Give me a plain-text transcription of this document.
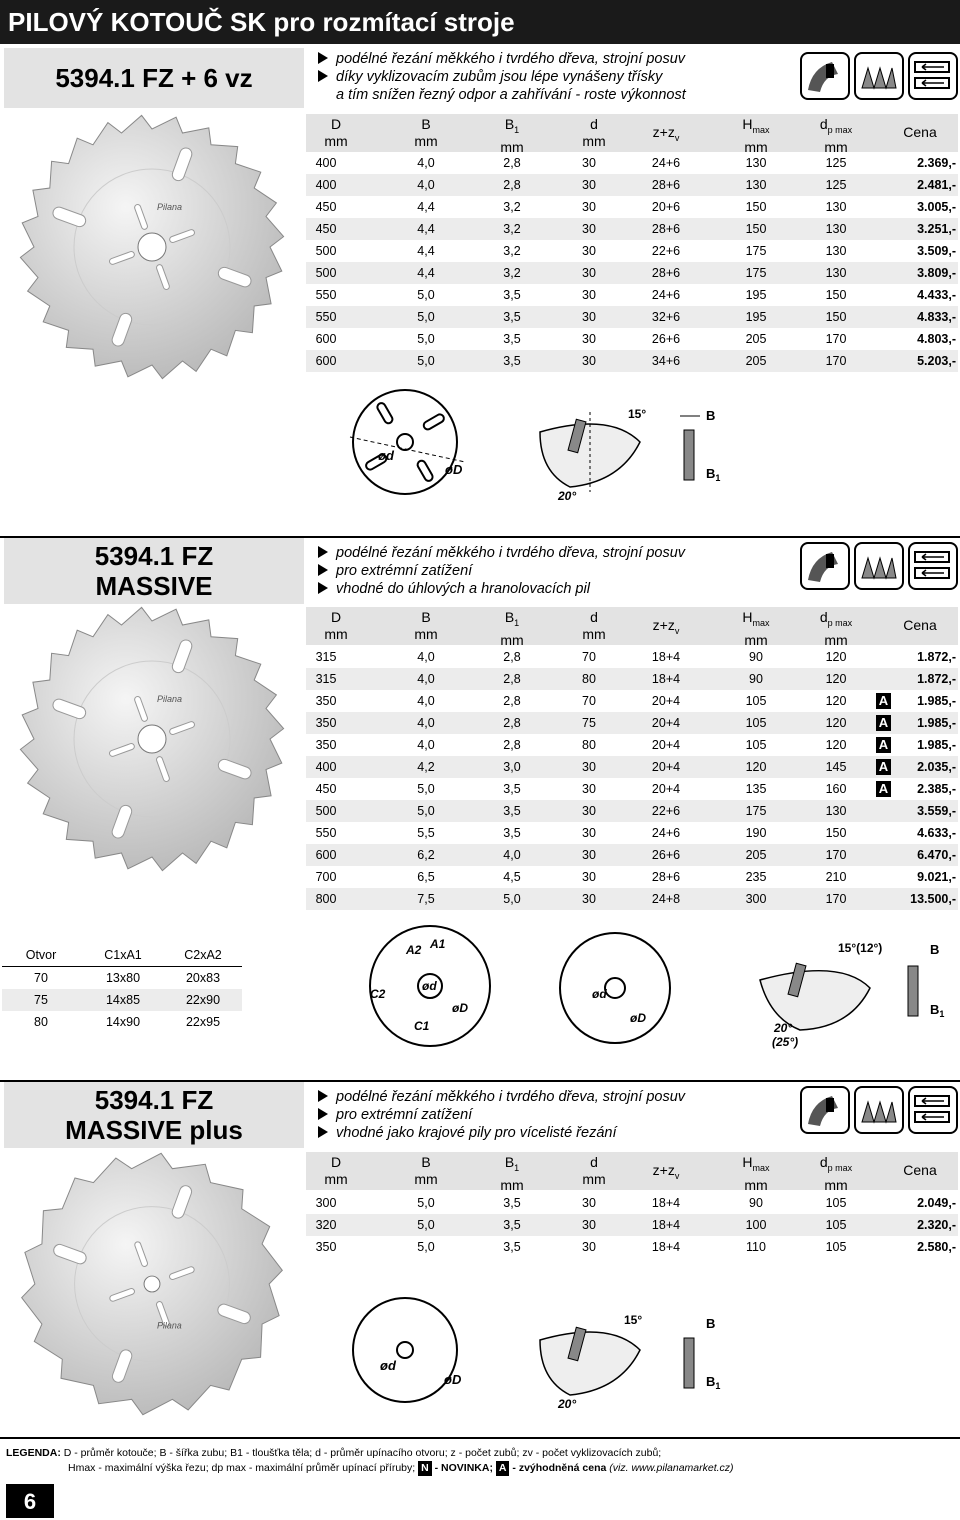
PILOVÝ KOTOUČ SK pro rozmítací stroje
5394.1 FZ + 6 vz
podélné řezání měkkého i tvrdého dřeva, strojní posuv
díky vyklizovacím zubům jsou lépe vynášeny třísky
a tím snížen řezný odpor a zahřívání - roste výkonnost
D
mm
B
mm
$B_1$
mm
d
mm
$z+z_v$
$H_{max}$
mm
$d_{p max}$
mm
Cena
400	4,0	2,8	30	24+6	130	125	2.369,-
400	4,0	2,8	30	28+6	130	125	2.481,-
450	4,4	3,2	30	20+6	150	130	3.005,-
450	4,4	3,2	30	28+6	150	130	3.251,-
500	4,4	3,2	30	22+6	175	130	3.509,-
500	4,4	3,2	30	28+6	175	130	3.809,-
550	5,0	3,5	30	24+6	195	150	4.433,-
550	5,0	3,5	30	32+6	195	150	4.833,-
600	5,0	3,5	30	26+6	205	170	4.803,-
600	5,0	3,5	30	34+6	205	170	5.203,-
Pilana
5394.1 FZ
MASSIVE
podélné řezání měkkého i tvrdého dřeva, strojní posuv
pro extrémní zatížení
vhodné do úhlových a hranolovacích pil
D
mm
B
mm
$B_1$
mm
d
mm
$z+z_v$
$H_{max}$
mm
$d_{p max}$
mm
Cena
315	4,0	2,8	70	18+4	90	120	1.872,-
315	4,0	2,8	80	18+4	90	120	1.872,-
350	4,0	2,8	70	20+4	105	120	A	1.985,-
350	4,0	2,8	75	20+4	105	120	A	1.985,-
350	4,0	2,8	80	20+4	105	120	A	1.985,-
400	4,2	3,0	30	20+4	120	145	A	2.035,-
450	5,0	3,5	30	20+4	135	160	A	2.385,-
500	5,0	3,5	30	22+6	175	130	3.559,-
550	5,5	3,5	30	24+6	190	150	4.633,-
600	6,2	4,0	30	26+6	205	170	6.470,-
700	6,5	4,5	30	28+6	235	210	9.021,-
800	7,5	5,0	30	24+8	300	170	13.500,-
Pilana
5394.1 FZ
MASSIVE plus
podélné řezání měkkého i tvrdého dřeva, strojní posuv
pro extrémní zatížení
vhodné jako krajové pily pro vícelisté řezání
D
mm
B
mm
$B_1$
mm
d
mm
$z+z_v$
$H_{max}$
mm
$d_{p max}$
mm
Cena
300	5,0	3,5	30	18+4	90	105	2.049,-
320	5,0	3,5	30	18+4	100	105	2.320,-
350	5,0	3,5	30	18+4	110	105	2.580,-
Pilana
Otvor	C1xA1	C2xA2
70	13x80	20x83
75	14x85	22x90
80	14x90	22x95
ød
øD
15°
20°
B
$B_1$
A2 A1
C2
C1
ød
øD
ød
øD
15°(12°)
20°
(25°)
B
$B_1$
ød
øD
15°
20°
B
$B_1$
LEGENDA: D - průměr kotouče; B - šířka zubu; B1 - tloušťka těla; d - průměr upínacího otvoru; z - počet zubů; zv - počet vyklizovacích zubů;
Hmax - maximální výška řezu; dp max - maximální průměr upínací příruby; N - NOVINKA; A - zvýhodněná cena (viz. www.pilanamarket.cz)
6
